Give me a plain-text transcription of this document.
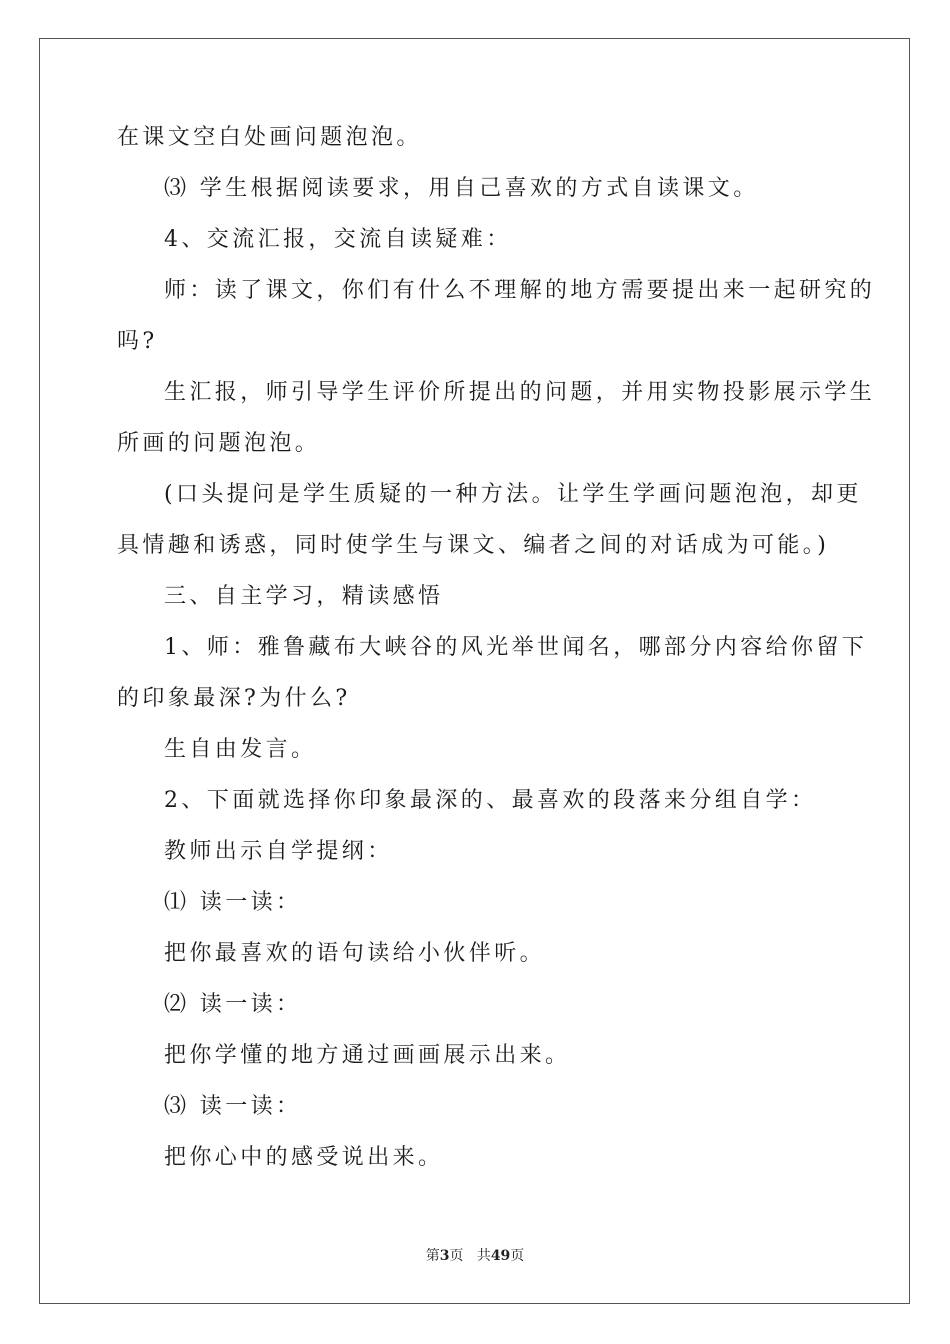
在课文空白处画问题泡泡。
⑶ 学生根据阅读要求，用自己喜欢的方式自读课文。
4、交流汇报，交流自读疑难：
师：读了课文，你们有什么不理解的地方需要提出来一起研究的
吗?
生汇报，师引导学生评价所提出的问题，并用实物投影展示学生
所画的问题泡泡。
(口头提问是学生质疑的一种方法。让学生学画问题泡泡，却更
具情趣和诱惑，同时使学生与课文、编者之间的对话成为可能。)
三、自主学习，精读感悟
1、师：雅鲁藏布大峡谷的风光举世闻名，哪部分内容给你留下
的印象最深?为什么?
生自由发言。
2、下面就选择你印象最深的、最喜欢的段落来分组自学：
教师出示自学提纲：
⑴ 读一读：
把你最喜欢的语句读给小伙伴听。
⑵ 读一读：
把你学懂的地方通过画画展示出来。
⑶ 读一读：
把你心中的感受说出来。
第3页 共49页
